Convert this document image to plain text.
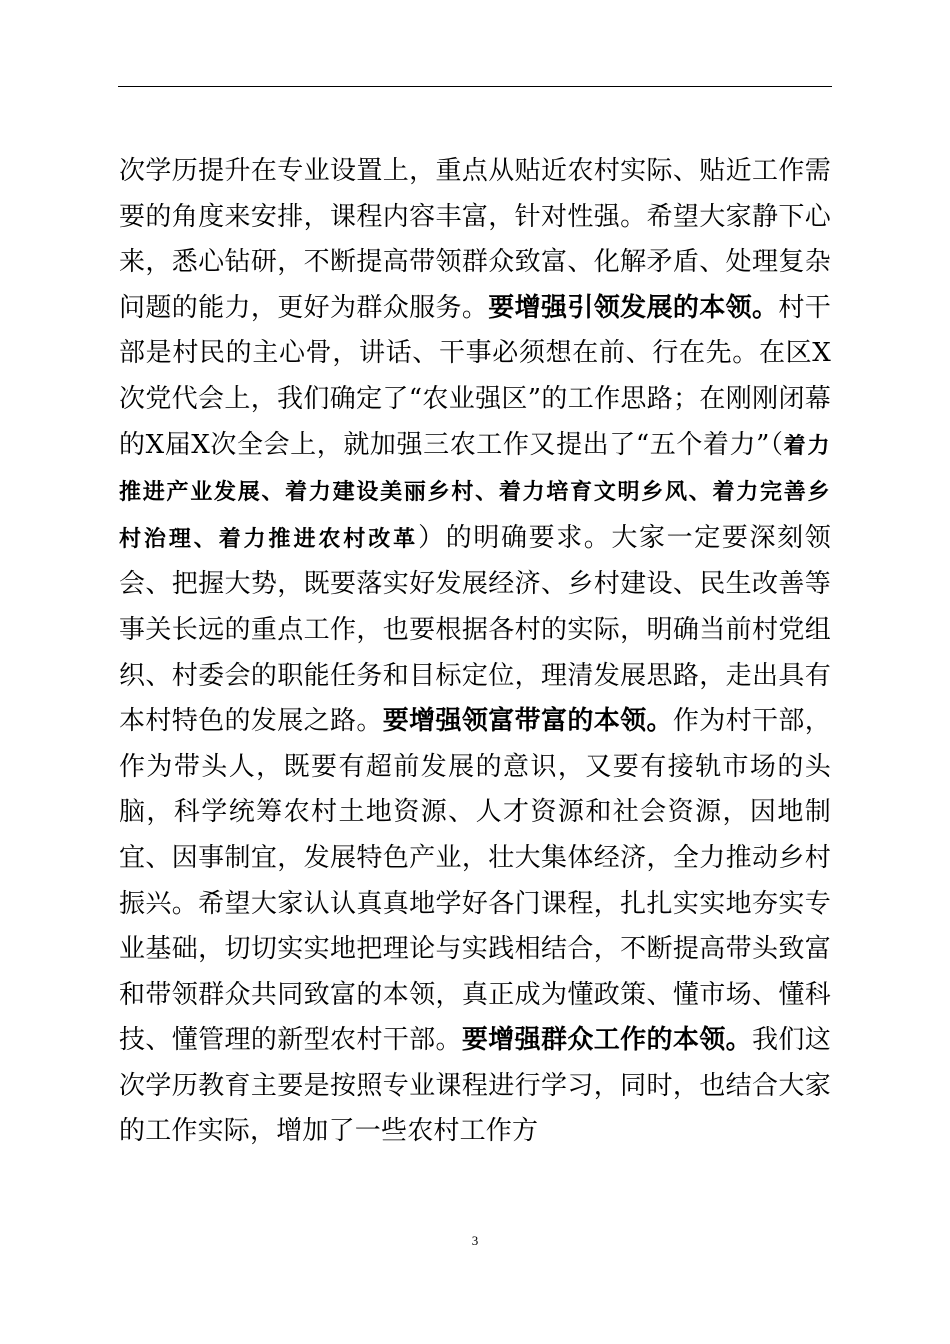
次学历提升在专业设置上，重点从贴近农村实际、贴近工作需要的角度来安排，课程内容丰富，针对性强。希望大家静下心来，悉心钻研，不断提高带领群众致富、化解矛盾、处理复杂问题的能力，更好为群众服务。要增强引领发展的本领。村干部是村民的主心骨，讲话、干事必须想在前、行在先。在区X次党代会上，我们确定了“农业强区”的工作思路；在刚刚闭幕的X届X次全会上，就加强三农工作又提出了“五个着力”（着力推进产业发展、着力建设美丽乡村、着力培育文明乡风、着力完善乡村治理、着力推进农村改革）的明确要求。大家一定要深刻领会、把握大势，既要落实好发展经济、乡村建设、民生改善等事关长远的重点工作，也要根据各村的实际，明确当前村党组织、村委会的职能任务和目标定位，理清发展思路，走出具有本村特色的发展之路。要增强领富带富的本领。作为村干部，作为带头人，既要有超前发展的意识，又要有接轨市场的头脑，科学统筹农村土地资源、人才资源和社会资源，因地制宜、因事制宜，发展特色产业，壮大集体经济，全力推动乡村振兴。希望大家认认真真地学好各门课程，扎扎实实地夯实专业基础，切切实实地把理论与实践相结合，不断提高带头致富和带领群众共同致富的本领，真正成为懂政策、懂市场、懂科技、懂管理的新型农村干部。要增强群众工作的本领。我们这次学历教育主要是按照专业课程进行学习，同时，也结合大家的工作实际，增加了一些农村工作方

3
